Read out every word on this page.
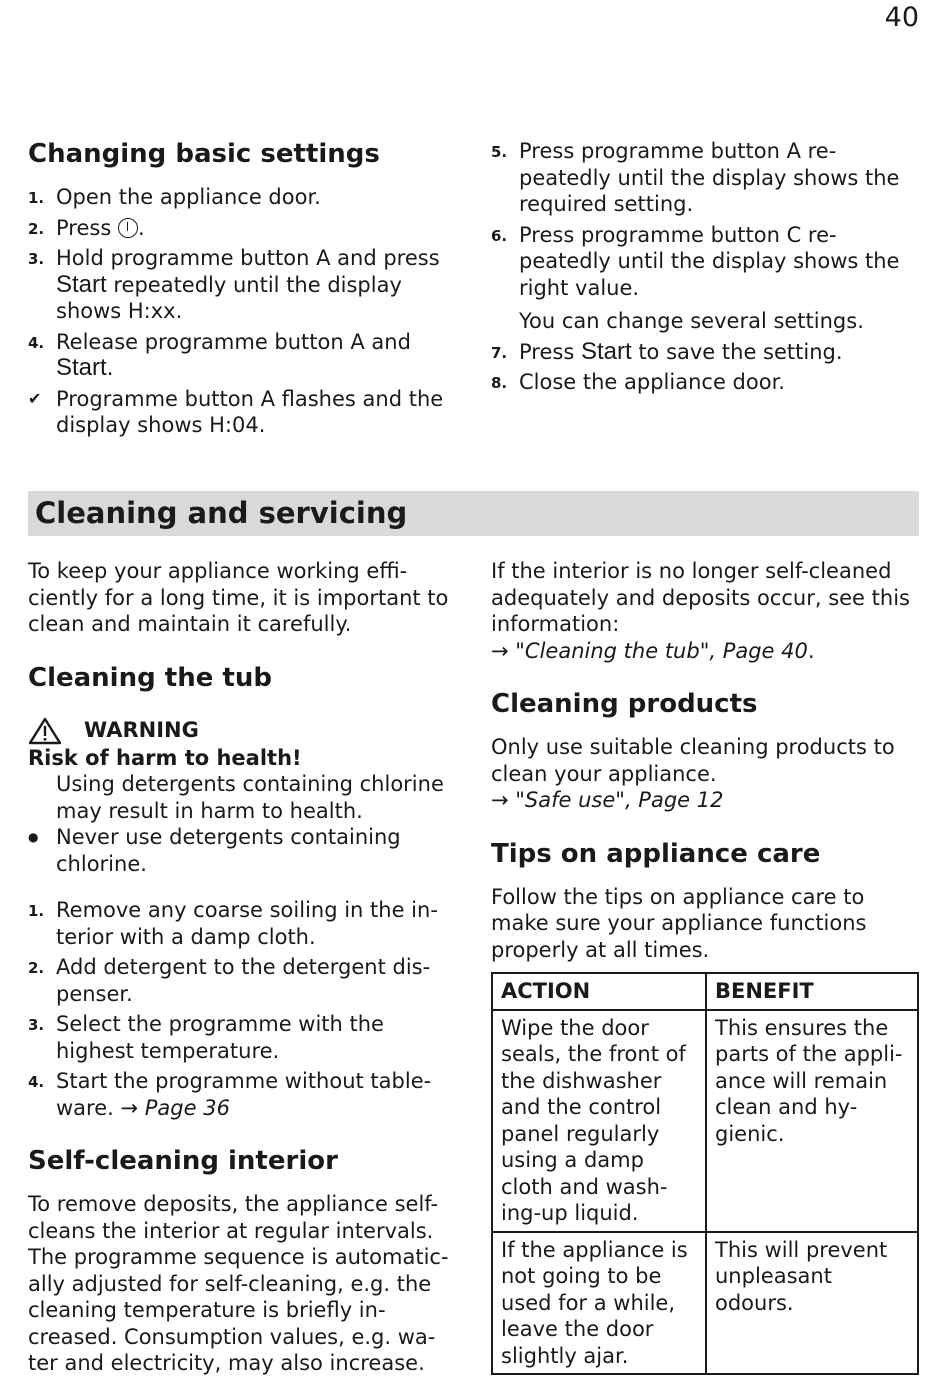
40
Changing basic settings
1. Open the appliance door.
2. Press .
3. Hold programme button A and press
Start repeatedly until the display shows H:xx.
4. Release programme button A and
Start.
✔ Programme button A flashes and the display shows H:04.
5. Press programme button A re-peatedly until the display shows the required setting.
6. Press programme button C re-peatedly until the display shows the right value.

You can change several settings.

7. Press Start to save the setting.
8. Close the appliance door.
Cleaning and servicing

To keep your appliance working effi-ciently for a long time, it is important to clean and maintain it carefully.

Cleaning the tub
WARNING

Risk of harm to health!

Using detergents containing chlorine may result in harm to health.

● Never use detergents containing chlorine.
1. Remove any coarse soiling in the in-terior with a damp cloth.
2. Add detergent to the detergent dis-penser.
3. Select the programme with the highest temperature.
4. Start the programme without table-ware. → Page 36
Self-cleaning interior

To remove deposits, the appliance self-cleans the interior at regular intervals. The programme sequence is automatic-ally adjusted for self-cleaning, e.g. the cleaning temperature is briefly in-creased. Consumption values, e.g. wa-ter and electricity, may also increase.

If the interior is no longer self-cleaned adequately and deposits occur, see this information:

→ "Cleaning the tub", Page 40.

Cleaning products

Only use suitable cleaning products to clean your appliance.

→ "Safe use", Page 12

Tips on appliance care

Follow the tips on appliance care to make sure your appliance functions properly at all times.

ACTION	BENEFIT
Wipe the door seals, the front of the dishwasher and the control panel regularly using a damp cloth and wash-ing-up liquid.	This ensures the parts of the appli-ance will remain clean and hy-gienic.
If the appliance is not going to be used for a while, leave the door slightly ajar.	This will prevent unpleasant odours.
